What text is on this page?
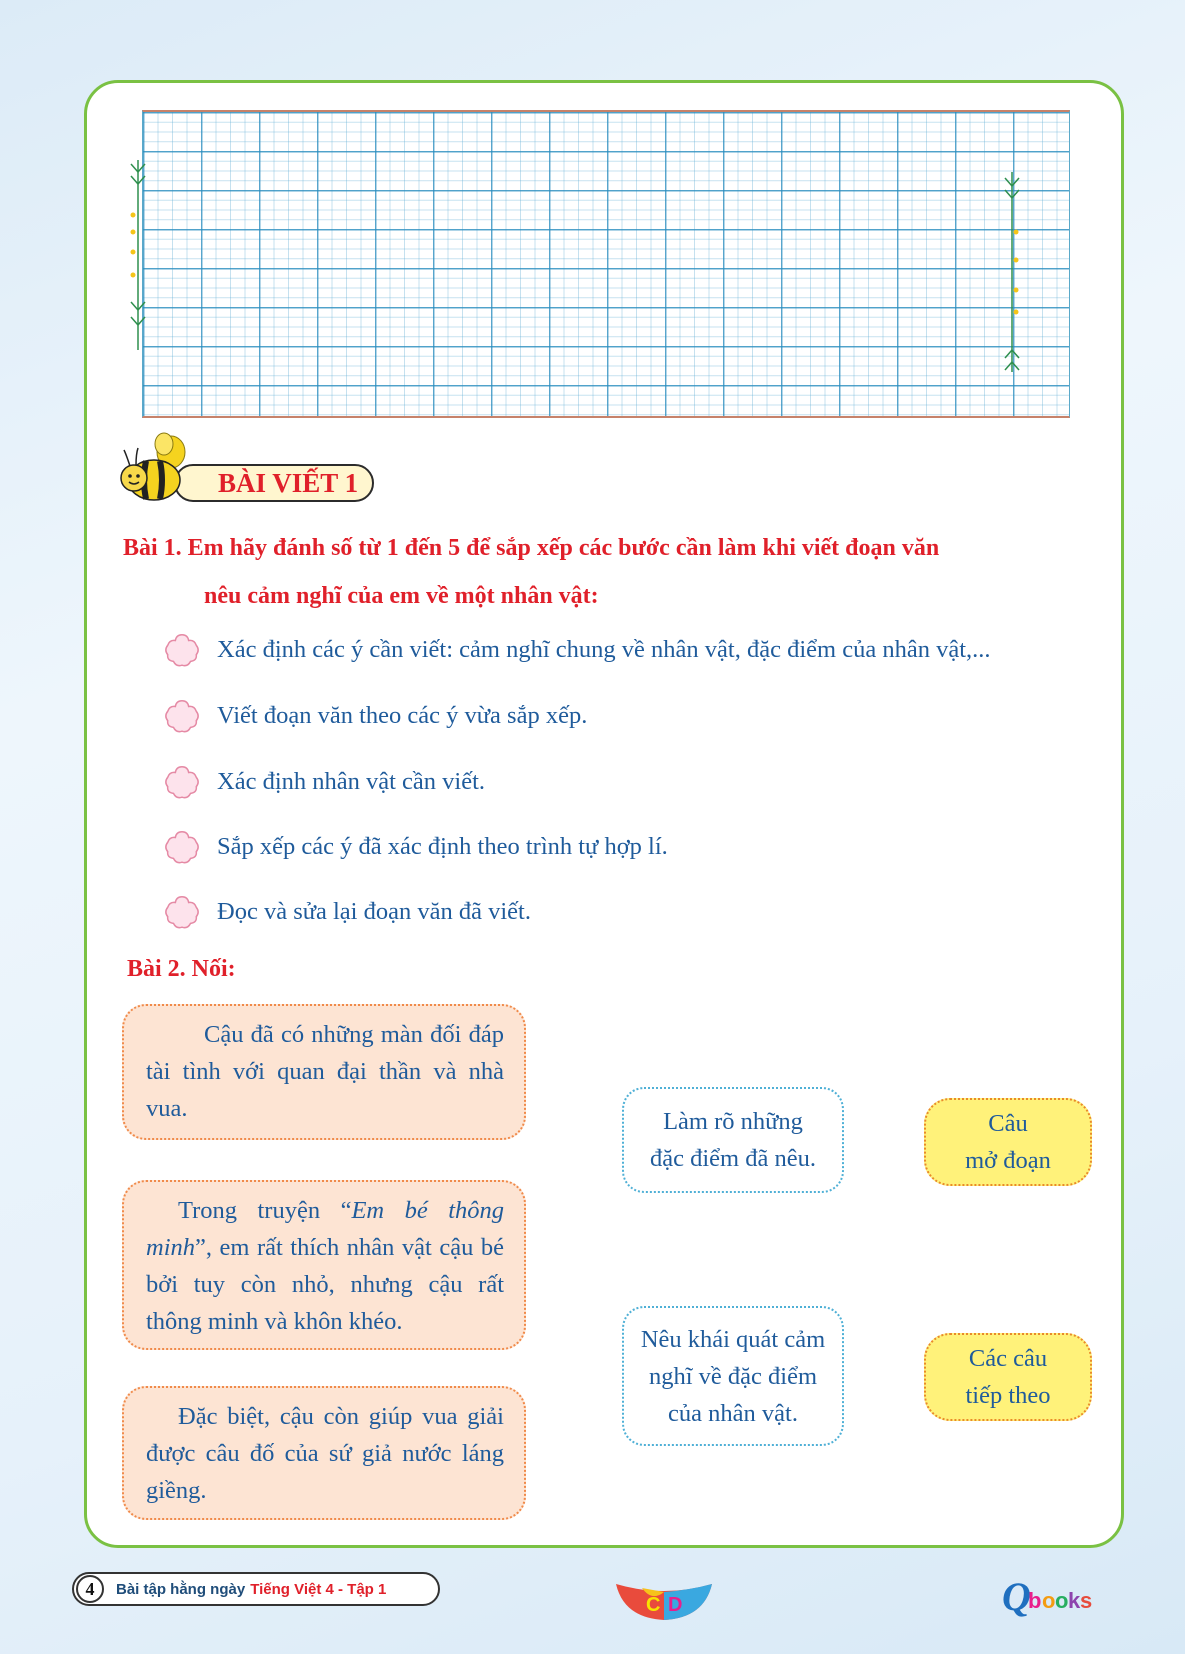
BÀI VIẾT 1
Bài 1. Em hãy đánh số từ 1 đến 5 để sắp xếp các bước cần làm khi viết đoạn văn
nêu cảm nghĩ của em về một nhân vật:
Xác định các ý cần viết: cảm nghĩ chung về nhân vật, đặc điểm của nhân vật,...
Viết đoạn văn theo các ý vừa sắp xếp.
Xác định nhân vật cần viết.
Sắp xếp các ý đã xác định theo trình tự hợp lí.
Đọc và sửa lại đoạn văn đã viết.
Bài 2. Nối:
Cậu đã có những màn đối đáp tài tình với quan đại thần và nhà vua.
Trong truyện “Em bé thông minh”, em rất thích nhân vật cậu bé bởi tuy còn nhỏ, nhưng cậu rất thông minh và khôn khéo.
Đặc biệt, cậu còn giúp vua giải được câu đố của sứ giả nước láng giềng.
Làm rõ những
đặc điểm đã nêu.
Nêu khái quát cảm
nghĩ về đặc điểm
của nhân vật.
Câu
mở đoạn
Các câu
tiếp theo
4	Bài tập hằng ngày Tiếng Việt 4 - Tập 1
C D	Q
b o o k s
